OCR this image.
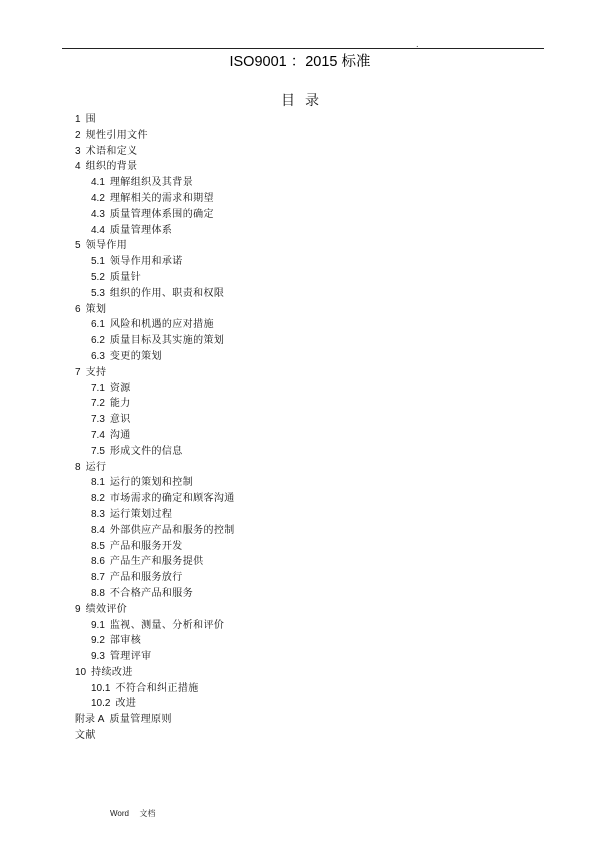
.
ISO9001 ：2015 标准
目录
1 围
2 规性引用文件
3 术语和定义
4 组织的背景
4.1 理解组织及其背景
4.2 理解相关的需求和期望
4.3 质量管理体系围的确定
4.4 质量管理体系
5 领导作用
5.1 领导作用和承诺
5.2 质量针
5.3 组织的作用、职责和权限
6 策划
6.1 风险和机遇的应对措施
6.2 质量目标及其实施的策划
6.3 变更的策划
7 支持
7.1 资源
7.2 能力
7.3 意识
7.4 沟通
7.5 形成文件的信息
8 运行
8.1 运行的策划和控制
8.2 市场需求的确定和顾客沟通
8.3 运行策划过程
8.4 外部供应产品和服务的控制
8.5 产品和服务开发
8.6 产品生产和服务提供
8.7 产品和服务放行
8.8 不合格产品和服务
9 绩效评价
9.1 监视、测量、分析和评价
9.2 部审核
9.3 管理评审
10 持续改进
10.1 不符合和纠正措施
10.2 改进
附录 A 质量管理原则
文献
Word 文档
